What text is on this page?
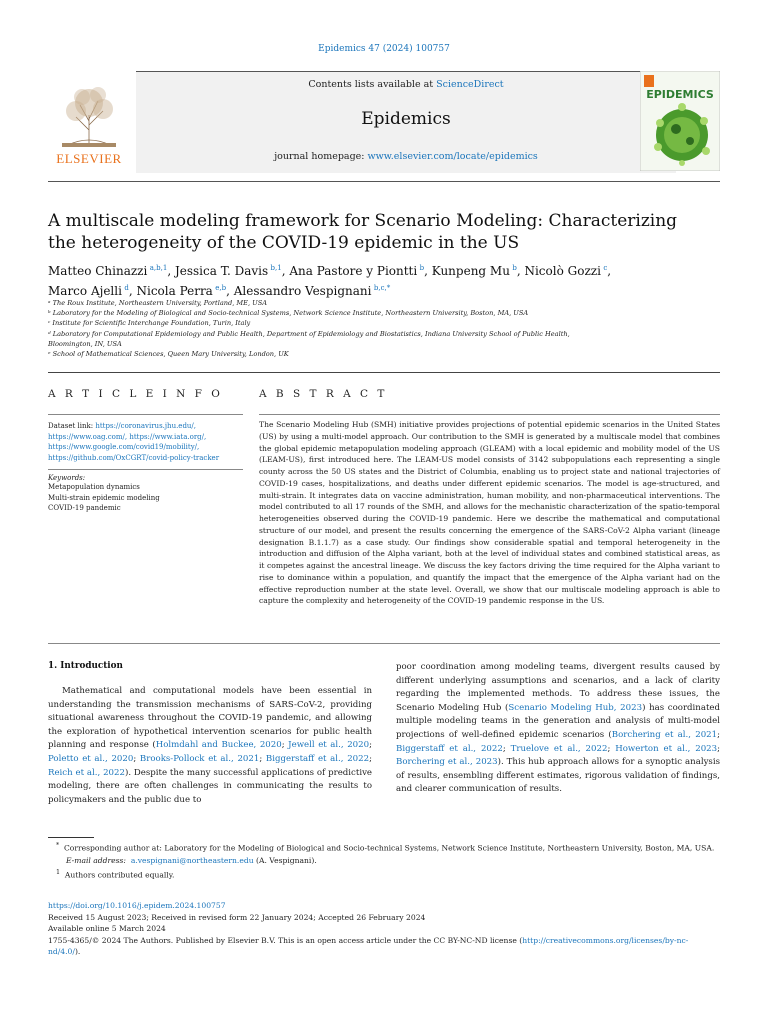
Epidemics 47 (2024) 100757
ELSEVIER
Contents lists available at ScienceDirect
Epidemics
journal homepage: www.elsevier.com/locate/epidemics
EPIDEMICS
A multiscale modeling framework for Scenario Modeling: Characterizing the heterogeneity of the COVID-19 epidemic in the US
Matteo Chinazzi  $^{a,b,1}$, Jessica T. Davis  $^{b,1}$, Ana Pastore y Piontti  $^b$, Kunpeng Mu  $^b$, Nicolò Gozzi  $^c$,
Marco Ajelli  $^d$, Nicola Perra  $^{e,b}$, Alessandro Vespignani  $^{b,c,*}$

ᵃ The Roux Institute, Northeastern University, Portland, ME, USA

ᵇ Laboratory for the Modeling of Biological and Socio-technical Systems, Network Science Institute, Northeastern University, Boston, MA, USA

ᶜ Institute for Scientific Interchange Foundation, Turin, Italy

ᵈ Laboratory for Computational Epidemiology and Public Health, Department of Epidemiology and Biostatistics, Indiana University School of Public Health, Bloomington, IN, USA

ᵉ School of Mathematical Sciences, Queen Mary University, London, UK

A R T I C L E I N F O
Dataset link: https://coronavirus.jhu.edu/, https://www.oag.com/, https://www.iata.org/, https://www.google.com/covid19/mobility/, https://github.com/OxCGRT/covid-policy-tracker
Keywords:
Metapopulation dynamics
Multi-strain epidemic modeling
COVID-19 pandemic
A B S T R A C T

The Scenario Modeling Hub (SMH) initiative provides projections of potential epidemic scenarios in the United States (US) by using a multi-model approach. Our contribution to the SMH is generated by a multiscale model that combines the global epidemic metapopulation modeling approach (GLEAM) with a local epidemic and mobility model of the US (LEAM-US), first introduced here. The LEAM-US model consists of 3142 subpopulations each representing a single county across the 50 US states and the District of Columbia, enabling us to project state and national trajectories of COVID-19 cases, hospitalizations, and deaths under different epidemic scenarios. The model is age-structured, and multi-strain. It integrates data on vaccine administration, human mobility, and non-pharmaceutical interventions. The model contributed to all 17 rounds of the SMH, and allows for the mechanistic characterization of the spatio-temporal heterogeneities observed during the COVID-19 pandemic. Here we describe the mathematical and computational structure of our model, and present the results concerning the emergence of the SARS-CoV-2 Alpha variant (lineage designation B.1.1.7) as a case study. Our findings show considerable spatial and temporal heterogeneity in the introduction and diffusion of the Alpha variant, both at the level of individual states and combined statistical areas, as it competes against the ancestral lineage. We discuss the key factors driving the time required for the Alpha variant to rise to dominance within a population, and quantify the impact that the emergence of the Alpha variant had on the effective reproduction number at the state level. Overall, we show that our multiscale modeling approach is able to capture the complexity and heterogeneity of the COVID-19 pandemic response in the US.

1. Introduction

Mathematical and computational models have been essential in understanding the transmission mechanisms of SARS-CoV-2, providing situational awareness throughout the COVID-19 pandemic, and allowing the exploration of hypothetical intervention scenarios for public health planning and response (Holmdahl and Buckee, 2020; Jewell et al., 2020; Poletto et al., 2020; Brooks-Pollock et al., 2021; Biggerstaff et al., 2022; Reich et al., 2022). Despite the many successful applications of predictive modeling, there are often challenges in communicating the results to policymakers and the public due to

poor coordination among modeling teams, divergent results caused by different underlying assumptions and scenarios, and a lack of clarity regarding the implemented methods. To address these issues, the Scenario Modeling Hub (Scenario Modeling Hub, 2023) has coordinated multiple modeling teams in the generation and analysis of multi-model projections of well-defined epidemic scenarios (Borchering et al., 2021; Biggerstaff et al., 2022; Truelove et al., 2022; Howerton et al., 2023; Borchering et al., 2023). This hub approach allows for a synoptic analysis of results, ensembling different estimates, rigorous validation of findings, and clearer communication of results.

* Corresponding author at: Laboratory for the Modeling of Biological and Socio-technical Systems, Network Science Institute, Northeastern University, Boston, MA, USA.

E-mail address: a.vespignani@northeastern.edu (A. Vespignani).

$^1$ Authors contributed equally.

https://doi.org/10.1016/j.epidem.2024.100757

Received 15 August 2023; Received in revised form 22 January 2024; Accepted 26 February 2024

Available online 5 March 2024

1755-4365/© 2024 The Authors. Published by Elsevier B.V. This is an open access article under the CC BY-NC-ND license (http://creativecommons.org/licenses/by-nc-nd/4.0/).
